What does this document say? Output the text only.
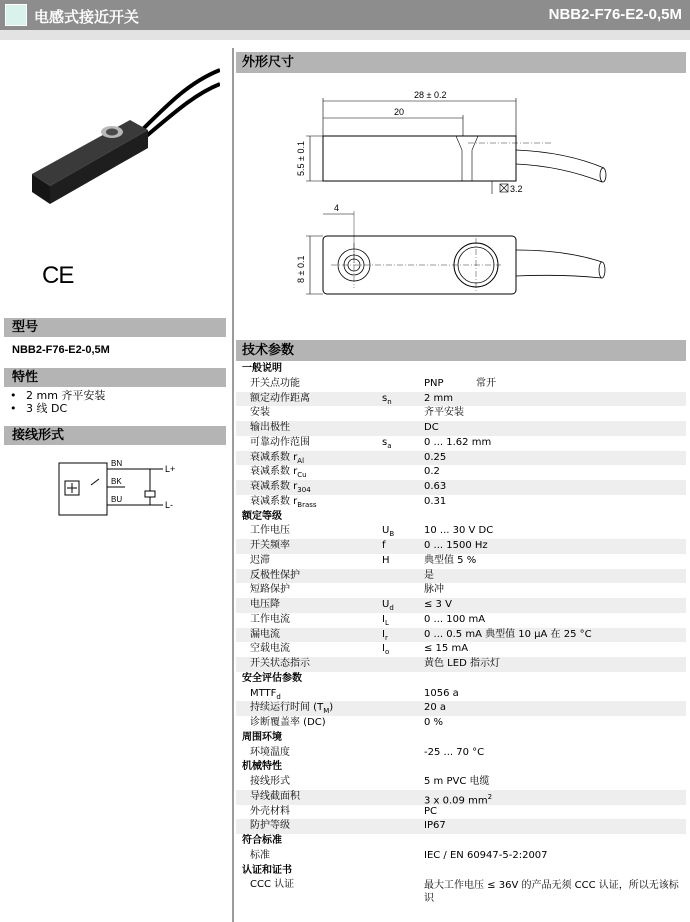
电感式接近开关	NBB2-F76-E2-0,5M
CE
型号
NBB2-F76-E2-0,5M
特性
• 2 mm 齐平安装
• 3 线 DC
接线形式
BN
BK
BU
L+
L-
外形尺寸
28 ± 0.2
20
5.5 ± 0.1
3.2
4
8 ± 0.1
技术参数
一般说明
开关点功能	PNP	常开
额定动作距离	$s_n$	2 mm
安装	齐平安装
输出极性	DC
可靠动作范围	$s_a$	0 ... 1.62 mm
衰减系数 $r_{Al}$	0.25
衰减系数 $r_{Cu}$	0.2
衰减系数 $r_{304}$	0.63
衰减系数 $r_{Brass}$	0.31
额定等级
工作电压	$U_B$	10 ... 30 V DC
开关频率	f	0 ... 1500 Hz
迟滞	H	典型值 5 %
反极性保护	是
短路保护	脉冲
电压降	$U_d$	≤ 3 V
工作电流	$I_L$	0 ... 100 mA
漏电流	$I_r$	0 ... 0.5 mA 典型值 10 µA 在 25 °C
空载电流	$I_o$	≤ 15 mA
开关状态指示	黄色 LED 指示灯
安全评估参数
$MTTF_d$	1056 a
持续运行时间 $(T_M)$	20 a
诊断覆盖率 (DC)	0 %
周围环境
环境温度	-25 ... 70 °C
机械特性
接线形式	5 m PVC 电缆
导线截面积	3 x 0.09 $mm^2$
外壳材料	PC
防护等级	IP67
符合标准
标准	IEC / EN 60947-5-2:2007
认证和证书
CCC 认证	最大工作电压 ≤ 36V 的产品无须 CCC 认证，所以无该标识
